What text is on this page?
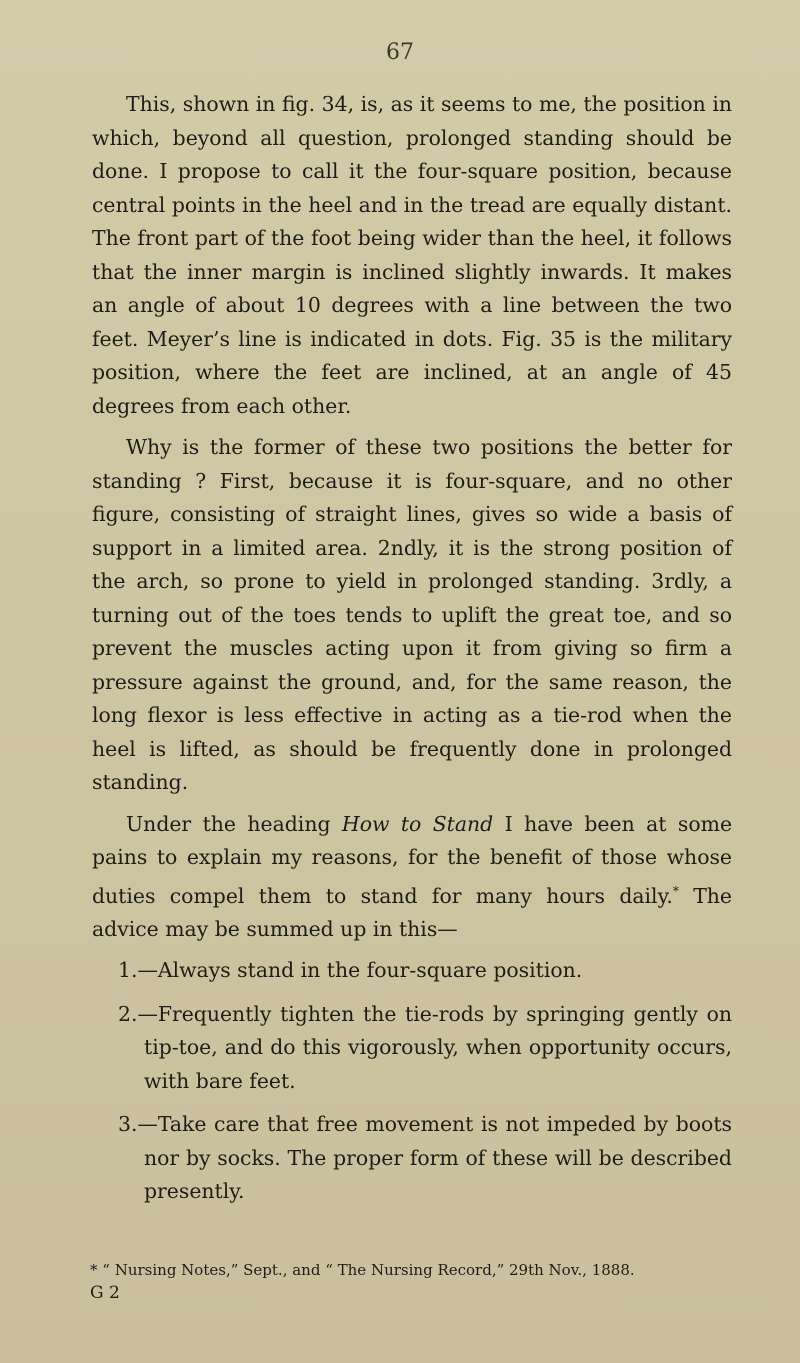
67

This, shown in fig. 34, is, as it seems to me, the position in which, beyond all question, prolonged standing should be done. I propose to call it the four-square position, because central points in the heel and in the tread are equally distant. The front part of the foot being wider than the heel, it follows that the inner margin is inclined slightly inwards. It makes an angle of about 10 degrees with a line between the two feet. Meyer’s line is indicated in dots. Fig. 35 is the military position, where the feet are inclined, at an angle of 45 degrees from each other.

Why is the former of these two positions the better for standing ? First, because it is four-square, and no other figure, consisting of straight lines, gives so wide a basis of support in a limited area. 2ndly, it is the strong position of the arch, so prone to yield in prolonged standing. 3rdly, a turning out of the toes tends to uplift the great toe, and so prevent the muscles acting upon it from giving so firm a pressure against the ground, and, for the same reason, the long flexor is less effective in acting as a tie-rod when the heel is lifted, as should be frequently done in prolonged standing.

Under the heading How to Stand I have been at some pains to explain my reasons, for the benefit of those whose duties compel them to stand for many hours daily.* The advice may be summed up in this—

1.—Always stand in the four-square position.

2.—Frequently tighten the tie-rods by springing gently on tip-toe, and do this vigorously, when opportunity occurs, with bare feet.

3.—Take care that free movement is not impeded by boots nor by socks. The proper form of these will be described presently.

* “ Nursing Notes,” Sept., and “ The Nursing Record,” 29th Nov., 1888.
G 2
